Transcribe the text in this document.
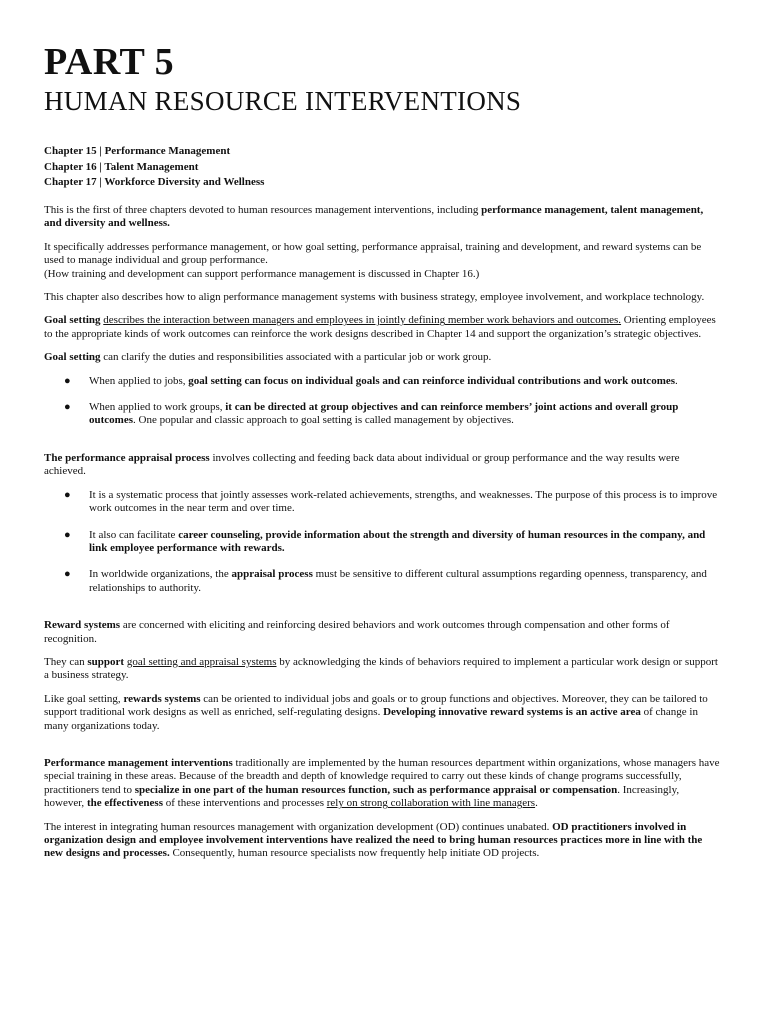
PART 5
HUMAN RESOURCE INTERVENTIONS
Chapter 15 | Performance Management
Chapter 16 | Talent Management
Chapter 17 | Workforce Diversity and Wellness

This is the first of three chapters devoted to human resources management interventions, including performance management, talent management, and diversity and wellness.

It specifically addresses performance management, or how goal setting, performance appraisal, training and development, and reward systems can be used to manage individual and group performance.
(How training and development can support performance management is discussed in Chapter 16.)

This chapter also describes how to align performance management systems with business strategy, employee involvement, and workplace technology.

Goal setting describes the interaction between managers and employees in jointly defining member work behaviors and outcomes. Orienting employees to the appropriate kinds of work outcomes can reinforce the work designs described in Chapter 14 and support the organization’s strategic objectives.

Goal setting can clarify the duties and responsibilities associated with a particular job or work group.

● When applied to jobs, goal setting can focus on individual goals and can reinforce individual contributions and work outcomes.
● When applied to work groups, it can be directed at group objectives and can reinforce members’ joint actions and overall group outcomes. One popular and classic approach to goal setting is called management by objectives.

The performance appraisal process involves collecting and feeding back data about individual or group performance and the way results were achieved.

● It is a systematic process that jointly assesses work-related achievements, strengths, and weaknesses. The purpose of this process is to improve work outcomes in the near term and over time.
● It also can facilitate career counseling, provide information about the strength and diversity of human resources in the company, and link employee performance with rewards.
● In worldwide organizations, the appraisal process must be sensitive to different cultural assumptions regarding openness, transparency, and relationships to authority.

Reward systems are concerned with eliciting and reinforcing desired behaviors and work outcomes through compensation and other forms of recognition.

They can support goal setting and appraisal systems by acknowledging the kinds of behaviors required to implement a particular work design or support a business strategy.

Like goal setting, rewards systems can be oriented to individual jobs and goals or to group functions and objectives. Moreover, they can be tailored to support traditional work designs as well as enriched, self-regulating designs. Developing innovative reward systems is an active area of change in many organizations today.

Performance management interventions traditionally are implemented by the human resources department within organizations, whose managers have special training in these areas. Because of the breadth and depth of knowledge required to carry out these kinds of change programs successfully, practitioners tend to specialize in one part of the human resources function, such as performance appraisal or compensation. Increasingly, however, the effectiveness of these interventions and processes rely on strong collaboration with line managers.

The interest in integrating human resources management with organization development (OD) continues unabated. OD practitioners involved in organization design and employee involvement interventions have realized the need to bring human resources practices more in line with the new designs and processes. Consequently, human resource specialists now frequently help initiate OD projects.
